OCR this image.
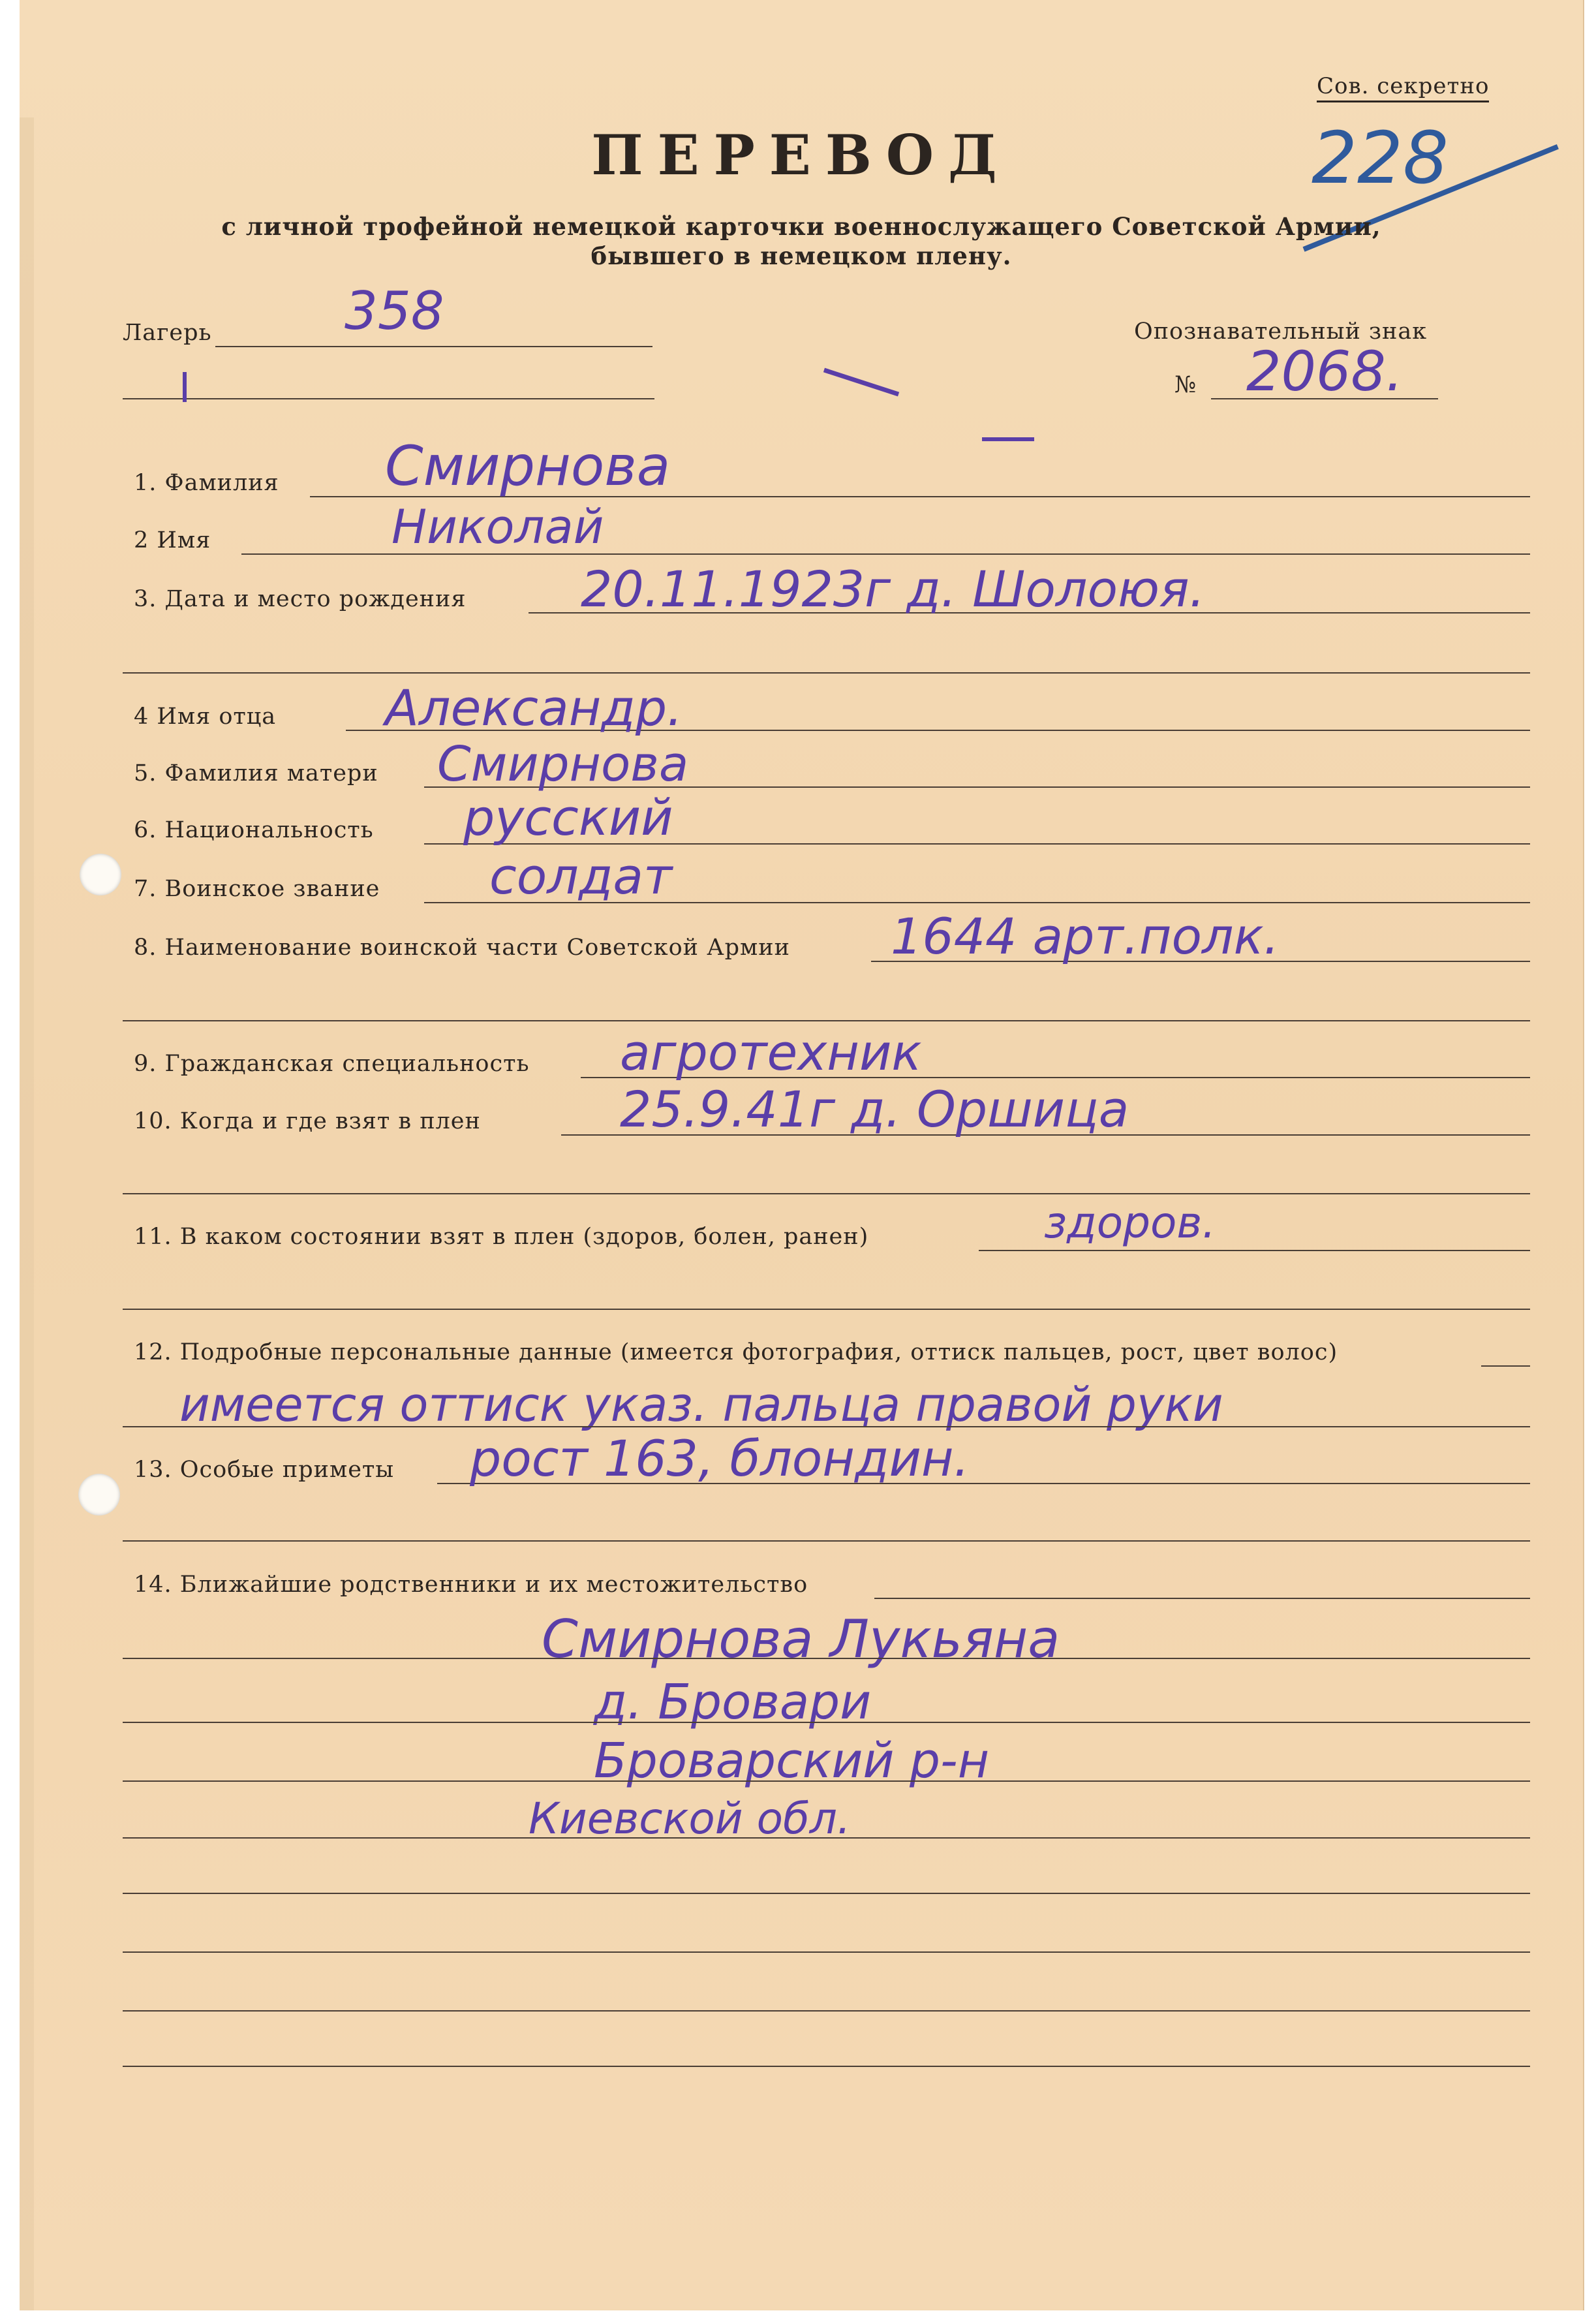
Сов. секретно
228
ПЕРЕВОД
с личной трофейной немецкой карточки военнослужащего Советской Армии,
бывшего в немецком плену.
Лагерь	358	Опознавательный знак
№ 2068.
1. Фамилия Смирнова
2 Имя	Николай
3. Дата и место рождения 20.11.1923г д. Шолоюя.
4 Имя отца Александр.
5. Фамилия матери Смирнова
6. Национальность русский
7. Воинское звание солдат
8. Наименование воинской части Советской Армии 1644 арт.полк.
9. Гражданская специальность агротехник
10. Когда и где взят в плен	25.9.41г д. Оршица
11. В каком состоянии взят в плен (здоров, болен, ранен)	здоров.
12. Подробные персональные данные (имеется фотография, оттиск пальцев, рост, цвет волос)
имеется оттиск указ. пальца правой руки
13. Особые приметы рост 163, блондин.
14. Ближайшие родственники и их местожительство
Смирнова Лукьяна
д. Бровари
Броварский р-н
Киевской обл.
